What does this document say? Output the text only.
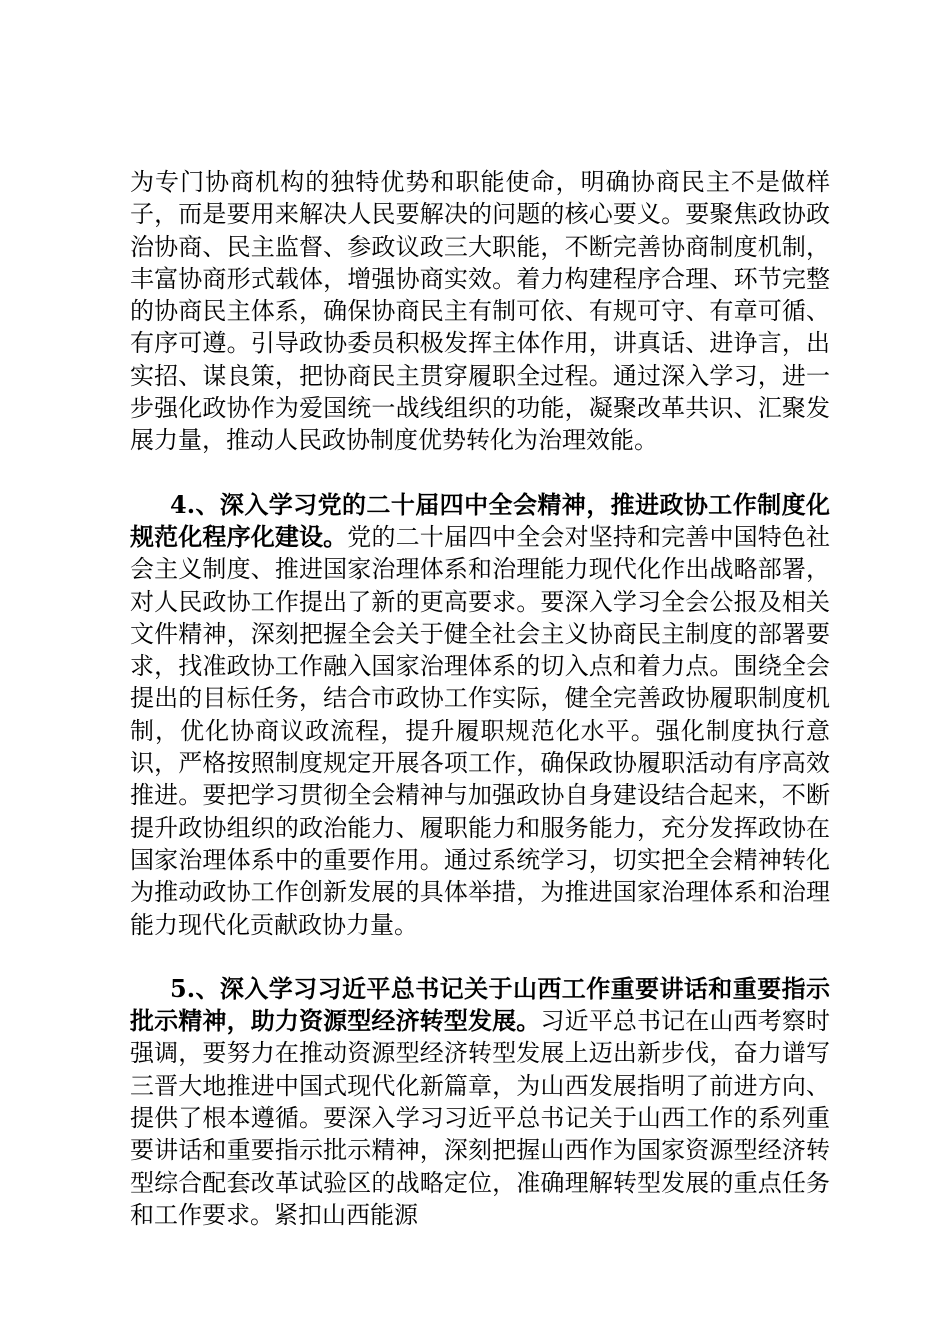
为专门协商机构的独特优势和职能使命，明确协商民主不是做样子，而是要用来解决人民要解决的问题的核心要义。要聚焦政协政治协商、民主监督、参政议政三大职能，不断完善协商制度机制，丰富协商形式载体，增强协商实效。着力构建程序合理、环节完整的协商民主体系，确保协商民主有制可依、有规可守、有章可循、有序可遵。引导政协委员积极发挥主体作用，讲真话、进诤言，出实招、谋良策，把协商民主贯穿履职全过程。通过深入学习，进一步强化政协作为爱国统一战线组织的功能，凝聚改革共识、汇聚发展力量，推动人民政协制度优势转化为治理效能。

4.、深入学习党的二十届四中全会精神，推进政协工作制度化规范化程序化建设。党的二十届四中全会对坚持和完善中国特色社会主义制度、推进国家治理体系和治理能力现代化作出战略部署，对人民政协工作提出了新的更高要求。要深入学习全会公报及相关文件精神，深刻把握全会关于健全社会主义协商民主制度的部署要求，找准政协工作融入国家治理体系的切入点和着力点。围绕全会提出的目标任务，结合市政协工作实际，健全完善政协履职制度机制，优化协商议政流程，提升履职规范化水平。强化制度执行意识，严格按照制度规定开展各项工作，确保政协履职活动有序高效推进。要把学习贯彻全会精神与加强政协自身建设结合起来，不断提升政协组织的政治能力、履职能力和服务能力，充分发挥政协在国家治理体系中的重要作用。通过系统学习，切实把全会精神转化为推动政协工作创新发展的具体举措，为推进国家治理体系和治理能力现代化贡献政协力量。

5.、深入学习习近平总书记关于山西工作重要讲话和重要指示批示精神，助力资源型经济转型发展。习近平总书记在山西考察时强调，要努力在推动资源型经济转型发展上迈出新步伐，奋力谱写三晋大地推进中国式现代化新篇章，为山西发展指明了前进方向、提供了根本遵循。要深入学习习近平总书记关于山西工作的系列重要讲话和重要指示批示精神，深刻把握山西作为国家资源型经济转型综合配套改革试验区的战略定位，准确理解转型发展的重点任务和工作要求。紧扣山西能源
